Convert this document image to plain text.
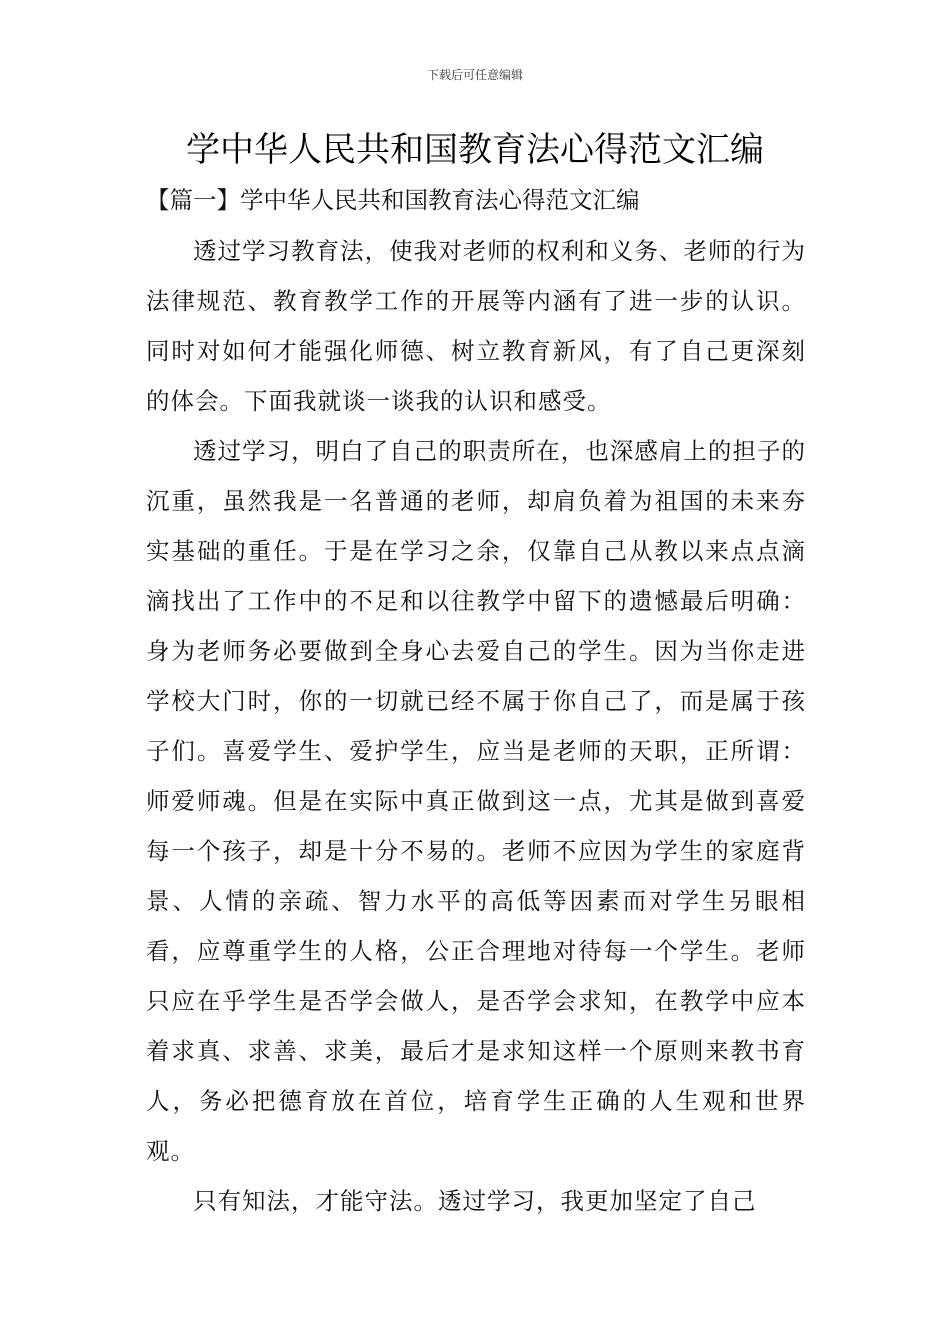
下载后可任意编辑
学中华人民共和国教育法心得范文汇编
【篇一】学中华人民共和国教育法心得范文汇编

透过学习教育法，使我对老师的权利和义务、老师的行为法律规范、教育教学工作的开展等内涵有了进一步的认识。同时对如何才能强化师德、树立教育新风，有了自己更深刻的体会。下面我就谈一谈我的认识和感受。

透过学习，明白了自己的职责所在，也深感肩上的担子的沉重，虽然我是一名普通的老师，却肩负着为祖国的未来夯实基础的重任。于是在学习之余，仅靠自己从教以来点点滴滴找出了工作中的不足和以往教学中留下的遗憾最后明确：身为老师务必要做到全身心去爱自己的学生。因为当你走进学校大门时，你的一切就已经不属于你自己了，而是属于孩子们。喜爱学生、爱护学生，应当是老师的天职，正所谓：师爱师魂。但是在实际中真正做到这一点，尤其是做到喜爱每一个孩子，却是十分不易的。老师不应因为学生的家庭背景、人情的亲疏、智力水平的高低等因素而对学生另眼相看，应尊重学生的人格，公正合理地对待每一个学生。老师只应在乎学生是否学会做人，是否学会求知，在教学中应本着求真、求善、求美，最后才是求知这样一个原则来教书育人，务必把德育放在首位，培育学生正确的人生观和世界观。

只有知法，才能守法。透过学习，我更加坚定了自己
